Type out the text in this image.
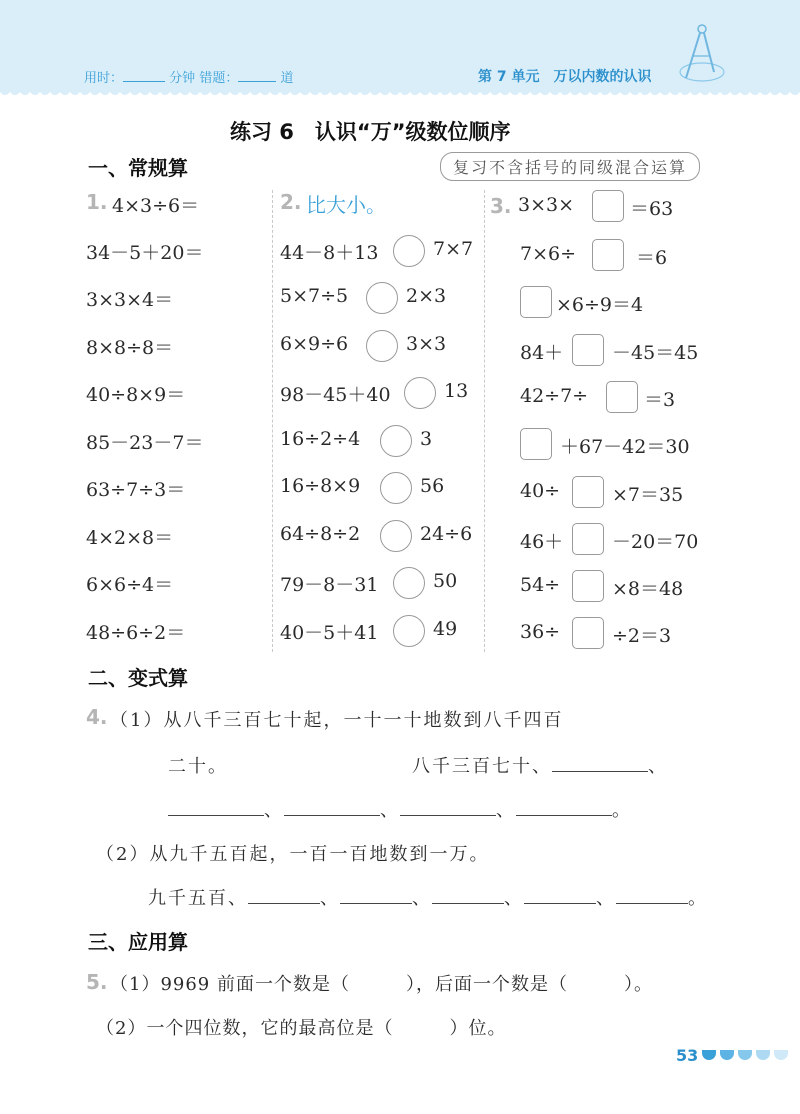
用时：	分钟 错题：	道	第 7 单元　万以内数的认识
练习 6　认识“万”级数位顺序
一、常规算	复习不含括号的同级混合运算
1. 4×3÷6＝
34－5＋20＝
3×3×4＝
8×8÷8＝
40÷8×9＝
85－23－7＝
63÷7÷3＝
4×2×8＝
6×6÷4＝
48÷6÷2＝
2. 比大小。
44－8＋13	7×7
5×7÷5	2×3
6×9÷6	3×3
98－45＋40	13
16÷2÷4	3
16÷8×9	56
64÷8÷2	24÷6
79－8－31	50
40－5＋41	49
3. 3×3×	＝63
7×6÷	＝6
×6÷9＝4
84＋	－45＝45
42÷7÷	＝3
＋67－42＝30
40÷	×7＝35
46＋	－20＝70
54÷	×8＝48
36÷	÷2＝3
二、变式算
4. （1）从八千三百七十起，一十一十地数到八千四百
二十。	八千三百七十、	、
、	、	、	。
（2）从九千五百起，一百一百地数到一万。
九千五百、	、	、	、	、	。
三、应用算
5. （1）9969 前面一个数是（	），后面一个数是（	）。
（2）一个四位数，它的最高位是（	）位。
53
